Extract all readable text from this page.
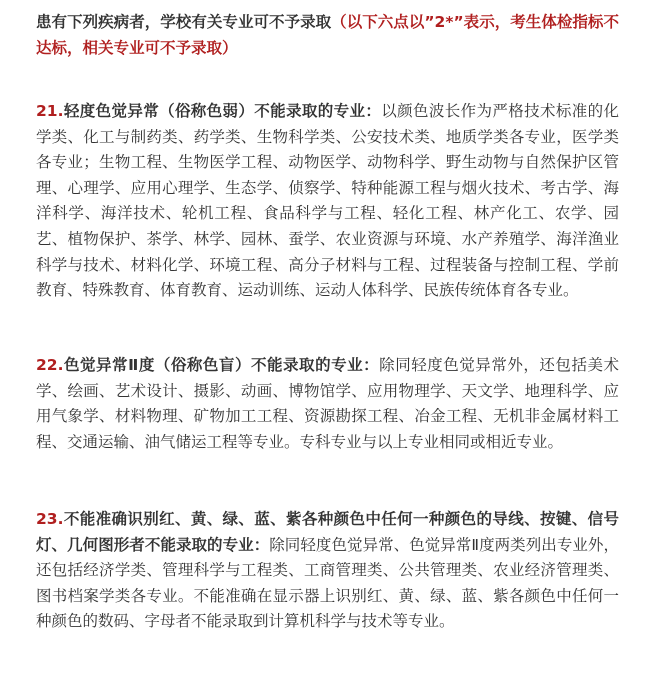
患有下列疾病者，学校有关专业可不予录取（以下六点以”2*”表示，考生体检指标不达标，相关专业可不予录取）

21.轻度色觉异常（俗称色弱）不能录取的专业：以颜色波长作为严格技术标准的化学类、化工与制药类、药学类、生物科学类、公安技术类、地质学类各专业，医学类各专业；生物工程、生物医学工程、动物医学、动物科学、野生动物与自然保护区管理、心理学、应用心理学、生态学、侦察学、特种能源工程与烟火技术、考古学、海洋科学、海洋技术、轮机工程、食品科学与工程、轻化工程、林产化工、农学、园艺、植物保护、茶学、林学、园林、蚕学、农业资源与环境、水产养殖学、海洋渔业科学与技术、材料化学、环境工程、高分子材料与工程、过程装备与控制工程、学前教育、特殊教育、体育教育、运动训练、运动人体科学、民族传统体育各专业。

22.色觉异常Ⅱ度（俗称色盲）不能录取的专业：除同轻度色觉异常外，还包括美术学、绘画、艺术设计、摄影、动画、博物馆学、应用物理学、天文学、地理科学、应用气象学、材料物理、矿物加工工程、资源勘探工程、冶金工程、无机非金属材料工程、交通运输、油气储运工程等专业。专科专业与以上专业相同或相近专业。

23.不能准确识别红、黄、绿、蓝、紫各种颜色中任何一种颜色的导线、按键、信号灯、几何图形者不能录取的专业：除同轻度色觉异常、色觉异常Ⅱ度两类列出专业外，还包括经济学类、管理科学与工程类、工商管理类、公共管理类、农业经济管理类、图书档案学类各专业。不能准确在显示器上识别红、黄、绿、蓝、紫各颜色中任何一种颜色的数码、字母者不能录取到计算机科学与技术等专业。
